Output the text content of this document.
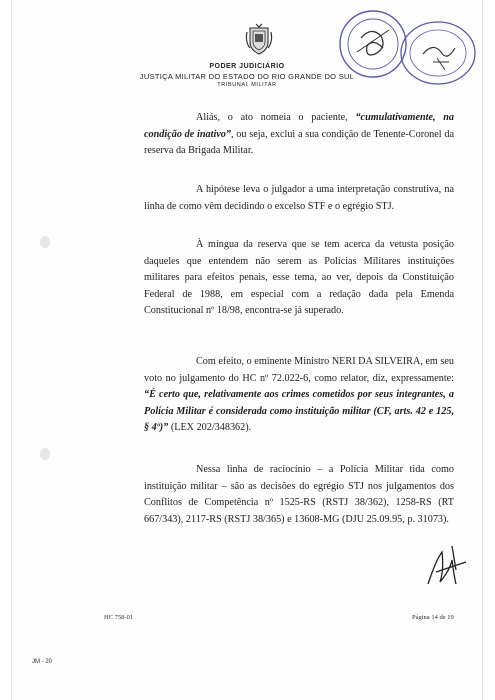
PODER JUDICIÁRIO
JUSTIÇA MILITAR DO ESTADO DO RIO GRANDE DO SUL
TRIBUNAL MILITAR

Aliás, o ato nomeia o paciente, “cumulativamente, na condição de inativo”, ou seja, exclui a sua condição de Tenente-Coronel da reserva da Brigada Militar.

A hipótese leva o julgador a uma interpretação construtiva, na linha de como vêm decidindo o excelso STF e o egrégio STJ.

À míngua da reserva que se tem acerca da vetusta posição daqueles que entendem não serem as Polícias Militares instituições militares para efeitos penais, esse tema, ao ver, depois da Constituição Federal de 1988, em especial com a redação dada pela Emenda Constitucional nº 18/98, encontra-se já superado.

Com efeito, o eminente Ministro NERI DA SILVEIRA, em seu voto no julgamento do HC nº 72.022-6, como relator, diz, expressamente: “É certo que, relativamente aos crimes cometidos por seus integrantes, a Polícia Militar é considerada como instituição militar (CF, arts. 42 e 125, § 4º)” (LEX 202/348362).

Nessa linha de raciocínio – a Polícia Militar tida como instituição militar – são as decisões do egrégio STJ nos julgamentos dos Conflitos de Competência nº 1525-RS (RSTJ 38/362), 1258-RS (RT 667/343), 2117-RS (RSTJ 38/365) e 13608-MG (DJU 25.09.95, p. 31073).

HC 758-01	Página 14 de 19
JM - 20
